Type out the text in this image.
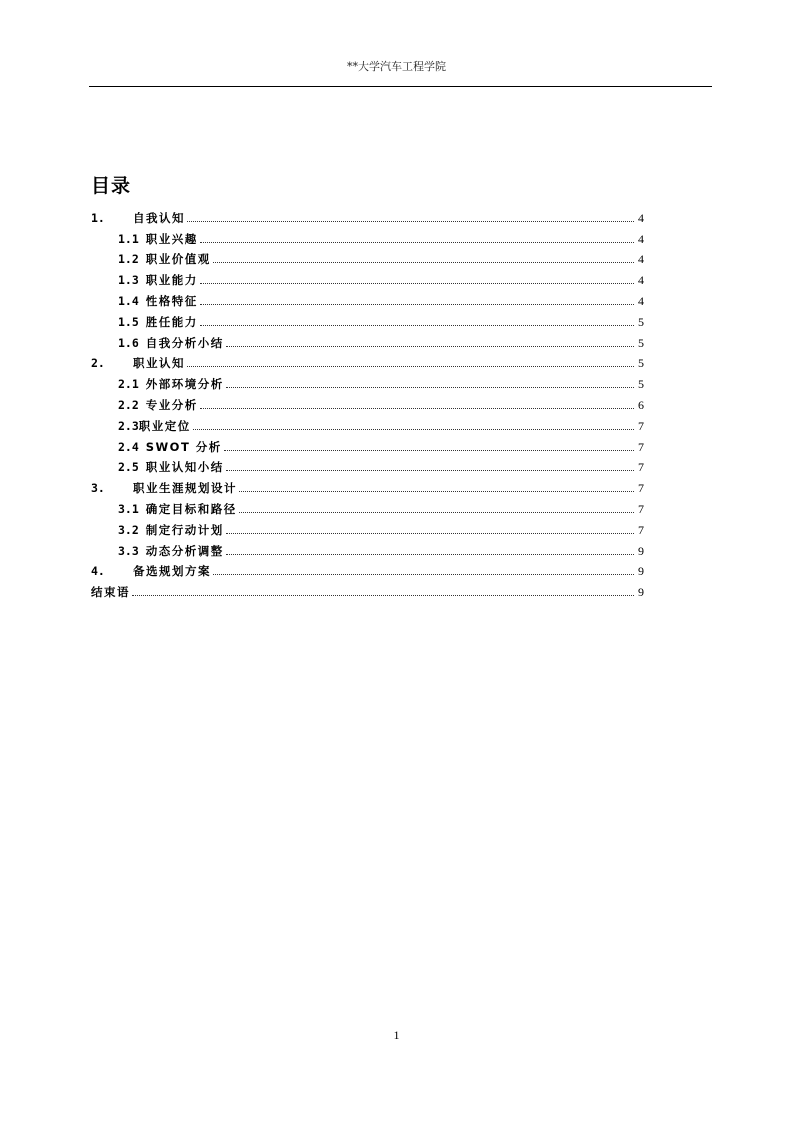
**大学汽车工程学院
目录
1.	自我认知	4
1.1 职业兴趣	4
1.2 职业价值观	4
1.3 职业能力	4
1.4 性格特征	4
1.5 胜任能力	5
1.6 自我分析小结	5
2.	职业认知	5
2.1 外部环境分析	5
2.2 专业分析	6
2.3 职业定位	7
2.4 SWOT 分析	7
2.5 职业认知小结	7
3.	职业生涯规划设计	7
3.1 确定目标和路径	7
3.2 制定行动计划	7
3.3 动态分析调整	9
4.	备选规划方案	9
结束语	9
1
